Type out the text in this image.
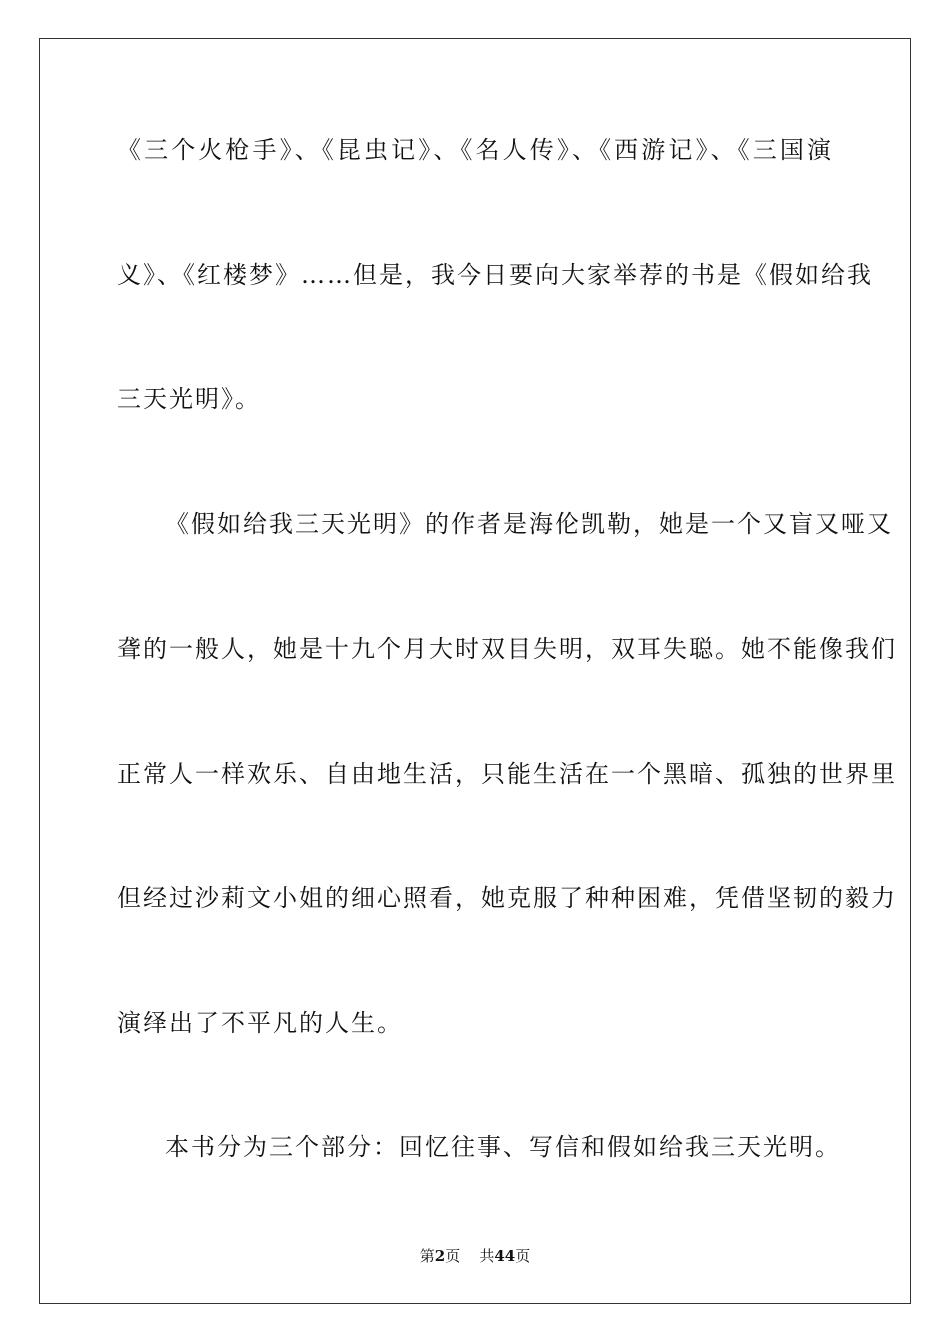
《三个火枪手》、《昆虫记》、《名人传》、《西游记》、《三国演
义》、《红楼梦》……但是，我今日要向大家举荐的书是《假如给我
三天光明》。
《假如给我三天光明》的作者是海伦凯勒，她是一个又盲又哑又
聋的一般人，她是十九个月大时双目失明，双耳失聪。她不能像我们
正常人一样欢乐、自由地生活，只能生活在一个黑暗、孤独的世界里
但经过沙莉文小姐的细心照看，她克服了种种困难，凭借坚韧的毅力
演绎出了不平凡的人生。
本书分为三个部分：回忆往事、写信和假如给我三天光明。
第2页 共44页
